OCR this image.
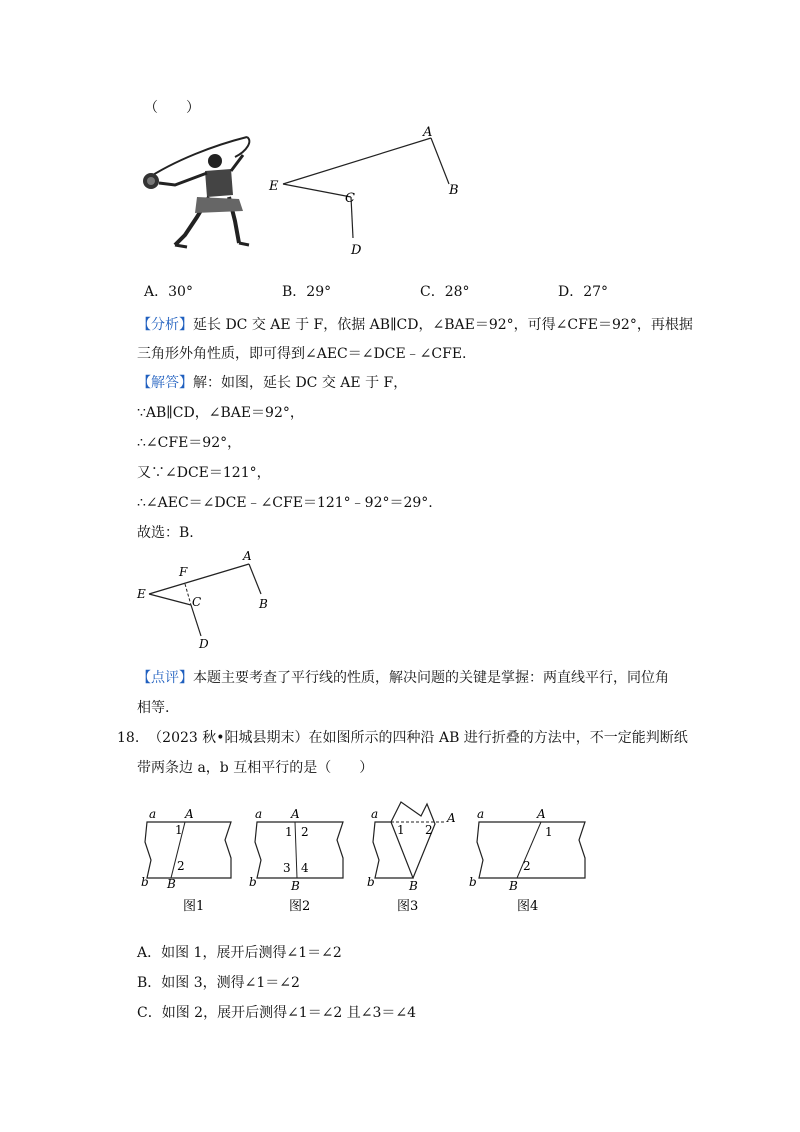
（　　）
A
B
C
D
E
A．30°	B．29°	C．28°	D．27°
【分析】延长 DC 交 AE 于 F，依据 AB∥CD，∠BAE＝92°，可得∠CFE＝92°，再根据
三角形外角性质，即可得到∠AEC＝∠DCE﹣∠CFE.
【解答】解：如图，延长 DC 交 AE 于 F，
∵AB∥CD，∠BAE＝92°，
∴∠CFE＝92°，
又∵∠DCE＝121°，
∴∠AEC＝∠DCE﹣∠CFE＝121°﹣92°＝29°.
故选：B.
A
B
C
D
E
F
【点评】本题主要考查了平行线的性质，解决问题的关键是掌握：两直线平行，同位角
相等.
18. （2023 秋•阳城县期末）在如图所示的四种沿 AB 进行折叠的方法中，不一定能判断纸
带两条边 a，b 互相平行的是（　　）
a A
1
2
b B
图1
a A
1 2
3 4
b	B
图2
a	A
1 2
b	B
图3
a	A
1
2
b	B
图4
A．如图 1，展开后测得∠1＝∠2
B．如图 3，测得∠1＝∠2
C．如图 2，展开后测得∠1＝∠2 且∠3＝∠4
